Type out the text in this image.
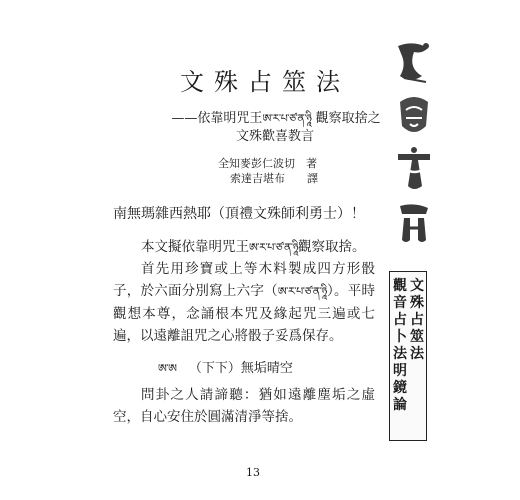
文殊占筮法
——依靠明咒王ཨ་ར་པ་ཙ་ན་ཉཱི 觀察取捨之
文殊歡喜教言
全知麥彭仁波切　著
索達吉堪布　　譯
南無瑪雜西熱耶（頂禮文殊師利勇士）！
本文擬依靠明咒王ཨ་ར་པ་ཙ་ན་ཉཱི觀察取捨。
首先用珍寶或上等木料製成四方形骰子，於六面分別寫上六字（ཨ་ར་པ་ཙ་ན་ཉཱི）。平時觀想本尊，念誦根本咒及緣起咒三遍或七遍，以遠離詛咒之心將骰子妥爲保存。
ཨ་ཨ （下下）無垢晴空
問卦之人請諦聽：猶如遠離塵垢之虛空，自心安住於圓滿清淨等捨。
13
文
殊
占
筮
法
觀
音
占
卜
法
明
鏡
論
